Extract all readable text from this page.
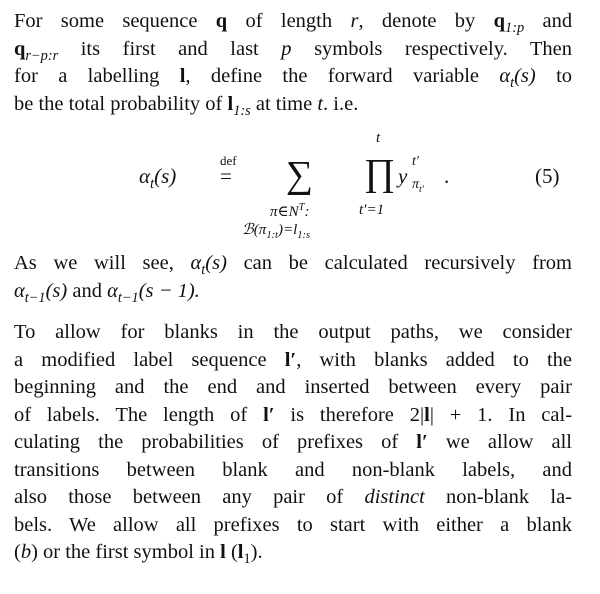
For some sequence q of length r, denote by $q_{1:p}$ and
$q_{r-p:r}$ its first and last p symbols respectively. Then
for a labelling l, define the forward variable $\alpha_t(s)$ to
be the total probability of $l_{1:s}$ at time t. i.e.

$\alpha_t(s)$
def
= ∑
$\pi\in N^T$:
$ℬ(\pi_{1:t})=l_{1:s}$
t
∏
t′=1
y
t′
$\pi_{t'}$
.	(5)

As we will see, $\alpha_t(s)$ can be calculated recursively from
$\alpha_{t-1}(s)$ and $\alpha_{t-1}(s - 1)$.

To allow for blanks in the output paths, we consider
a modified label sequence l′, with blanks added to the
beginning and the end and inserted between every pair
of labels. The length of l′ is therefore 2|l| + 1. In cal-
culating the probabilities of prefixes of l′ we allow all
transitions between blank and non-blank labels, and
also those between any pair of distinct non-blank la-
bels. We allow all prefixes to start with either a blank
(b) or the first symbol in l $(l_1)$.
